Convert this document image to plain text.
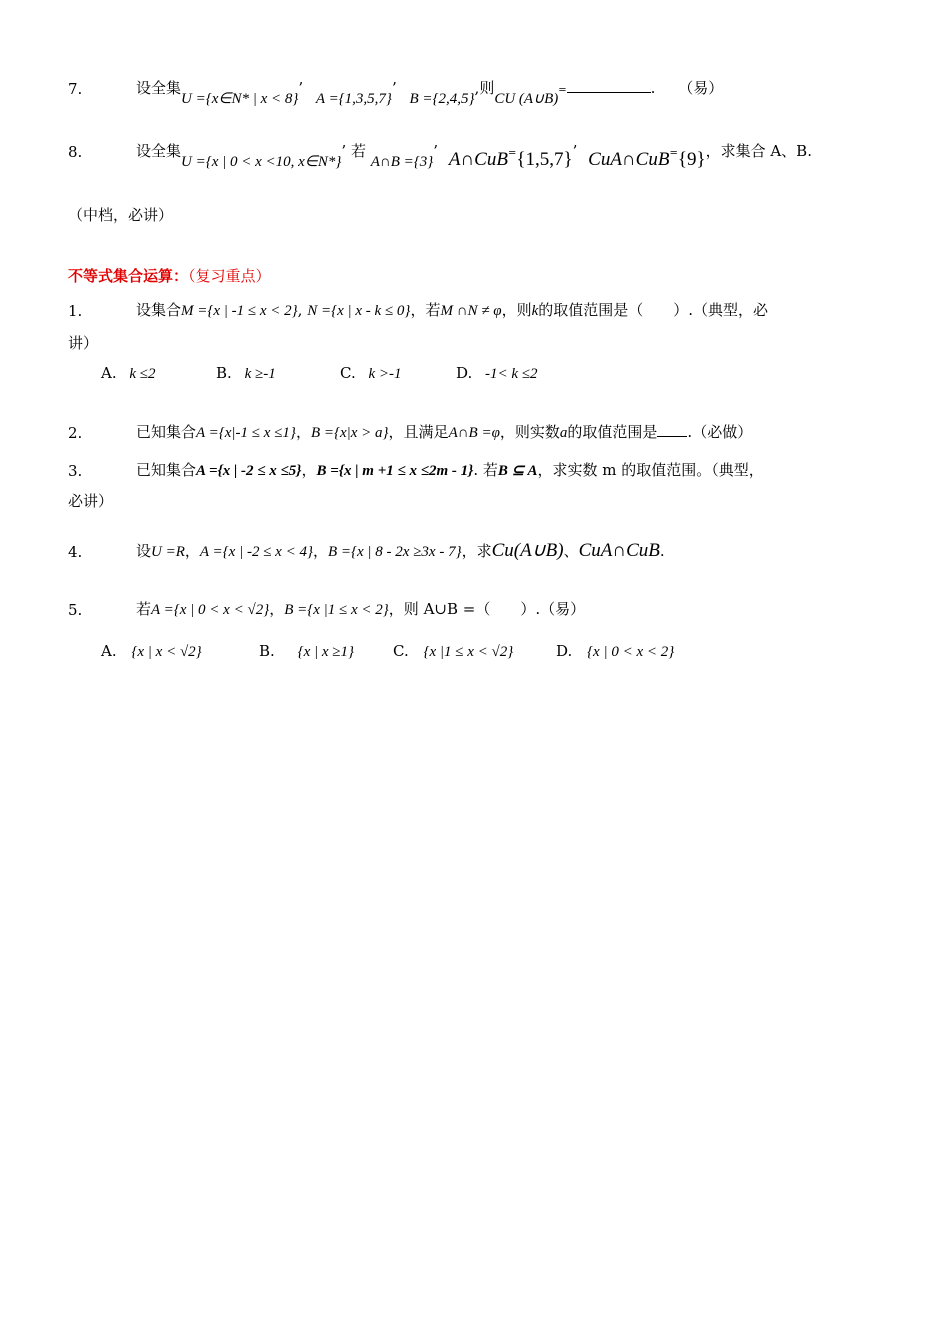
7.	设全集U ={x∈N* | x < 8}’ A ={1,3,5,7}’ B ={2,4,5},则CU (A∪B)=	. （易）
8.	设全集U ={x | 0 < x <10, x∈N*}’ 若 A∩B ={3}’ A∩CuB={1,5,7}’ CuA∩CuB={9}，求集合 A、B.
（中档，必讲）
不等式集合运算：（复习重点）
1.	设集合M ={x | -1 ≤ x < 2}, N ={x | x - k ≤ 0}，若M ∩N ≠ φ，则k的取值范围是（　　）.（典型，必
讲）
A. k ≤2	B. k ≥-1	C. k >-1	D. -1< k ≤2
2.	已知集合A ={x|-1 ≤ x ≤1}，B ={x|x > a}，且满足A∩B =φ，则实数a的取值范围是 .（必做）
3.	已知集合A ={x | -2 ≤ x ≤5}，B ={x | m +1 ≤ x ≤2m - 1}. 若B ⊆ A，求实数 m 的取值范围。（典型，
必讲）
4.	设U =R，A ={x | -2 ≤ x < 4}，B ={x | 8 - 2x ≥3x - 7}，求Cu(A∪B)、CuA∩CuB.
5.	若A ={x | 0 < x < √2}，B ={x |1 ≤ x < 2}，则 A∪B =（　　）.（易）
A. {x | x < √2}	B. {x | x ≥1}	C. {x |1 ≤ x < √2}	D. {x | 0 < x < 2}
